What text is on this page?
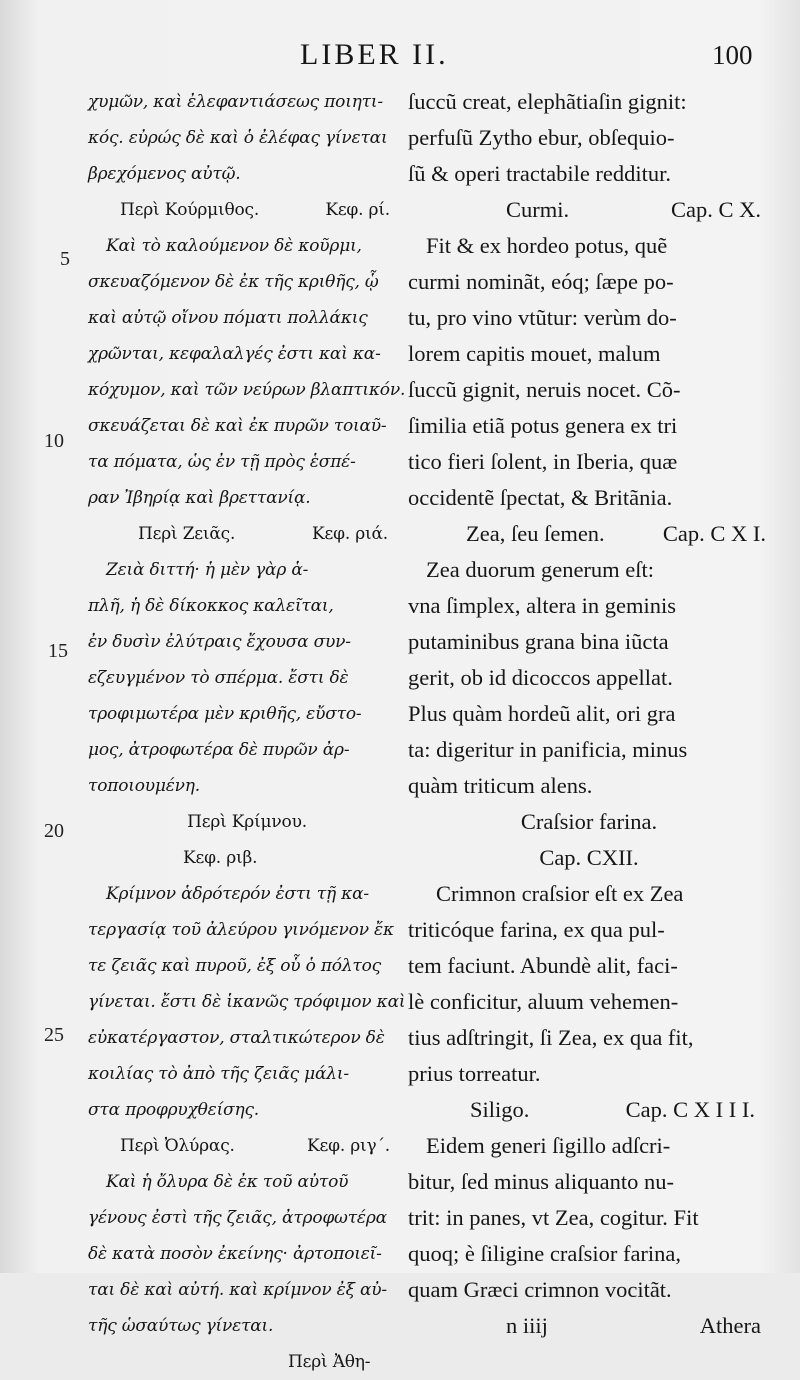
LIBER II.	100
5
10
15
20
25
χυμῶν, καὶ ἐλεφαντιάσεως ποιητι-
κός. εὐρώς δὲ καὶ ὁ ἐλέφας γίνεται
βρεχόμενος αὐτῷ.
Περὶ Κούρμιθος.	Κεφ. ρί.
Καὶ τὸ καλούμενον δὲ κοῦρμι,
σκευαζόμενον δὲ ἐκ τῆς κριθῆς, ᾧ
καὶ αὐτῷ οἴνου πόματι πολλάκις
χρῶνται, κεφαλαλγές ἐστι καὶ κα-
κόχυμον, καὶ τῶν νεύρων βλαπτικόν.
σκευάζεται δὲ καὶ ἐκ πυρῶν τοιαῦ-
τα πόματα, ὡς ἐν τῇ πρὸς ἑσπέ-
ραν Ἰβηρίᾳ καὶ βρεττανίᾳ.
Περὶ Ζειᾶς.	Κεφ. ριά.
Ζειὰ διττή· ἡ μὲν γὰρ ἁ-
πλῆ, ἡ δὲ δίκοκκος καλεῖται,
ἐν δυσὶν ἐλύτραις ἔχουσα συν-
εζευγμένον τὸ σπέρμα. ἔστι δὲ
τροφιμωτέρα μὲν κριθῆς, εὔστο-
μος, ἀτροφωτέρα δὲ πυρῶν ἀρ-
τοποιουμένη.
Περὶ Κρίμνου.
Κεφ. ριβ.
Κρίμνον ἁδρότερόν ἐστι τῇ κα-
τεργασίᾳ τοῦ ἀλεύρου γινόμενον ἔκ
τε ζειᾶς καὶ πυροῦ, ἐξ οὗ ὁ πόλτος
γίνεται. ἔστι δὲ ἱκανῶς τρόφιμον καὶ
εὐκατέργαστον, σταλτικώτερον δὲ
κοιλίας τὸ ἀπὸ τῆς ζειᾶς μάλι-
στα προφρυχθείσης.
Περὶ Ὀλύρας.	Κεφ. ριγ΄.
Καὶ ἡ ὄλυρα δὲ ἐκ τοῦ αὐτοῦ
γένους ἐστὶ τῆς ζειᾶς, ἀτροφωτέρα
δὲ κατὰ ποσὸν ἐκείνης· ἀρτοποιεῖ-
ται δὲ καὶ αὐτή. καὶ κρίμνον ἐξ αὐ-
τῆς ὡσαύτως γίνεται.
Περὶ Ἀθη-
ſuccũ creat, elephãtiaſin gignit:
perfuſũ Zytho ebur, obſequio-
ſũ & operi tractabile redditur.
Curmi.	Cap. C X.
Fit & ex hordeo potus, quẽ
curmi nominãt, eóq; ſæpe po-
tu, pro vino vtũtur: verùm do-
lorem capitis mouet, malum
ſuccũ gignit, neruis nocet. Cõ-
ſimilia etiã potus genera ex tri
tico fieri ſolent, in Iberia, quæ
occidentẽ ſpectat, & Britãnia.
Zea, ſeu ſemen.	Cap. C X I.
Zea duorum generum eſt:
vna ſimplex, altera in geminis
putaminibus grana bina iũcta
gerit, ob id dicoccos appellat.
Plus quàm hordeũ alit, ori gra
ta: digeritur in panificia, minus
quàm triticum alens.
Craſsior farina.
Cap. CXII.
Crimnon craſsior eſt ex Zea
triticóque farina, ex qua pul-
tem faciunt. Abundè alit, faci-
lè conficitur, aluum vehemen-
tius adſtringit, ſi Zea, ex qua fit,
prius torreatur.
Siligo.	Cap. C X I I I.
Eidem generi ſigillo adſcri-
bitur, ſed minus aliquanto nu-
trit: in panes, vt Zea, cogitur. Fit
quoq; è ſiligine craſsior farina,
quam Græci crimnon vocitãt.
n iiij	Athera
